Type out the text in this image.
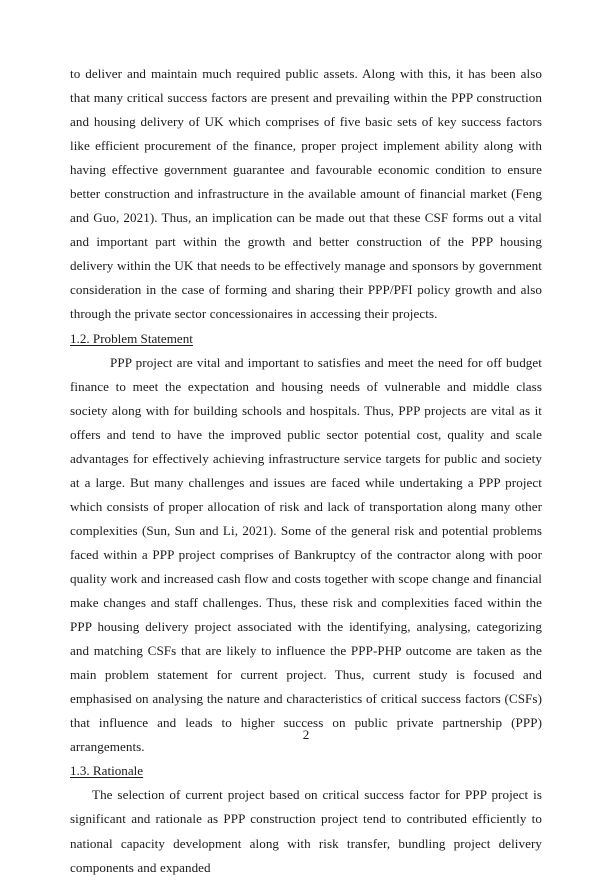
to deliver and maintain much required public assets. Along with this, it has been also that many critical success factors are present and prevailing within the PPP construction and housing delivery of UK which comprises of five basic sets of key success factors like efficient procurement of the finance, proper project implement ability along with having effective government guarantee and favourable economic condition to ensure better construction and infrastructure in the available amount of financial market (Feng and Guo, 2021). Thus, an implication can be made out that these CSF forms out a vital and important part within the growth and better construction of the PPP housing delivery within the UK that needs to be effectively manage and sponsors by government consideration in the case of forming and sharing their PPP/PFI policy growth and also through the private sector concessionaires in accessing their projects.

1.2. Problem Statement

PPP project are vital and important to satisfies and meet the need for off budget finance to meet the expectation and housing needs of vulnerable and middle class society along with for building schools and hospitals. Thus, PPP projects are vital as it offers and tend to have the improved public sector potential cost, quality and scale advantages for effectively achieving infrastructure service targets for public and society at a large. But many challenges and issues are faced while undertaking a PPP project which consists of proper allocation of risk and lack of transportation along many other complexities (Sun, Sun and Li, 2021). Some of the general risk and potential problems faced within a PPP project comprises of Bankruptcy of the contractor along with poor quality work and increased cash flow and costs together with scope change and financial make changes and staff challenges. Thus, these risk and complexities faced within the PPP housing delivery project associated with the identifying, analysing, categorizing and matching CSFs that are likely to influence the PPP-PHP outcome are taken as the main problem statement for current project. Thus, current study is focused and emphasised on analysing the nature and characteristics of critical success factors (CSFs) that influence and leads to higher success on public private partnership (PPP) arrangements.

1.3. Rationale

The selection of current project based on critical success factor for PPP project is significant and rationale as PPP construction project tend to contributed efficiently to national capacity development along with risk transfer, bundling project delivery components and expanded

2
